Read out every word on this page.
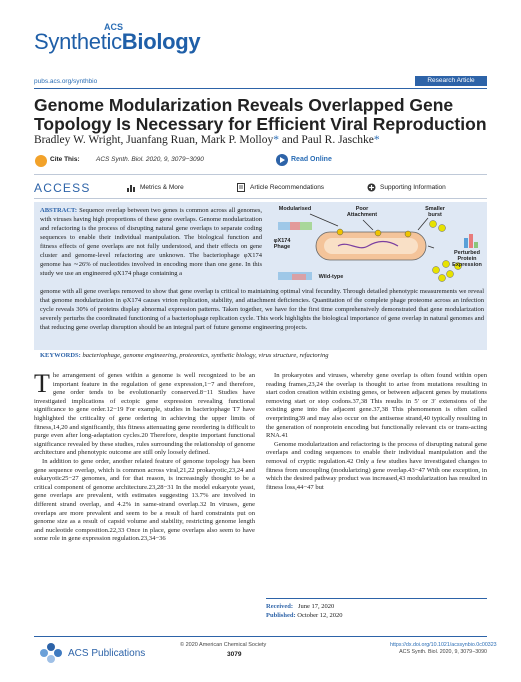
ACS
SyntheticBiology
pubs.acs.org/synthbio	Research Article
Genome Modularization Reveals Overlapped Gene Topology Is Necessary for Efficient Viral Reproduction
Bradley W. Wright, Juanfang Ruan, Mark P. Molloy* and Paul R. Jaschke*
Cite This:	ACS Synth. Biol. 2020, 9, 3079−3090	Read Online
ACCESS	Metrics & More	Article Recommendations	Supporting Information
ABSTRACT: Sequence overlap between two genes is common across all genomes, with viruses having high proportions of these gene overlaps. Genome modularization and refactoring is the process of disrupting natural gene overlaps to separate coding sequences to enable their individual manipulation. The biological function and fitness effects of gene overlaps are not fully understood, and their effects on gene cluster and genome-level refactoring are unknown. The bacteriophage φX174 genome has ∼26% of nucleotides involved in encoding more than one gene. In this study we use an engineered φX174 phage containing a
Modularised	Poor Attachment
Smaller burst
Perturbed Protein Expression
φX174 Phage
Wild-type
genome with all gene overlaps removed to show that gene overlap is critical to maintaining optimal viral fecundity. Through detailed phenotypic measurements we reveal that genome modularization in φX174 causes virion replication, stability, and attachment deficiencies. Quantitation of the complete phage proteome across an infection cycle reveals 30% of proteins display abnormal expression patterns. Taken together, we have for the first time comprehensively demonstrated that gene modularization severely perturbs the coordinated functioning of a bacteriophage replication cycle. This work highlights the biological importance of gene overlap in natural genomes and that reducing gene overlap disruption should be an integral part of future genome engineering projects.
KEYWORDS: bacteriophage, genome engineering, proteomics, synthetic biology, virus structure, refactoring

The arrangement of genes within a genome is well recognized to be an important feature in the regulation of gene expression,1−7 and therefore, gene order tends to be evolutionarily conserved.8−11 Studies have investigated implications of ectopic gene expression revealing functional significance to gene order.12−19 For example, studies in bacteriophage T7 have highlighted the criticality of gene ordering in achieving the upper limits of fitness,14,20 and significantly, this fitness attenuating gene reordering is difficult to purge even after long-adaptation cycles.20 Therefore, despite important functional significance revealed by these studies, rules surrounding the relationship of genome architecture and phenotypic outcome are still only loosely defined.

In addition to gene order, another related feature of genome topology has been gene sequence overlap, which is common across viral,21,22 prokaryotic,23,24 and eukaryotic25−27 genomes, and for that reason, is increasingly thought to be a critical component of genome architecture.23,28−31 In the model eukaryote yeast, gene overlaps are prevalent, with estimates suggesting 13.7% are involved in different strand overlap, and 4.2% in same-strand overlap.32 In viruses, gene overlaps are more prevalent and seem to be a result of hard constraints put on genome size as a result of capsid volume and stability, restricting genome length and nucleotide composition.22,33 Once in place, gene overlaps also seem to have some role in gene expression regulation.23,34−36

In prokaryotes and viruses, whereby gene overlap is often found within open reading frames,23,24 the overlap is thought to arise from mutations resulting in start codon creation within existing genes, or between adjacent genes by mutations removing start or stop codons.37,38 This results in 5′ or 3′ extensions of the existing gene into the adjacent gene.37,38 This phenomenon is often called overprinting39 and may also occur on the antisense strand,40 typically resulting in the generation of nonprotein encoding but functionally relevant cis or trans-acting RNA.41

Genome modularization and refactoring is the process of disrupting natural gene overlaps and coding sequences to enable their individual manipulation and the removal of cryptic regulation.42 Only a few studies have investigated changes to fitness from uncoupling (modularizing) gene overlap.43−47 With one exception, in which the desired pathway product was increased,43 modularization has resulted in fitness loss,44−47 but

Received: June 17, 2020
Published: October 12, 2020
ACS Publications
© 2020 American Chemical Society
3079
https://dx.doi.org/10.1021/acssynbio.0c00323
ACS Synth. Biol. 2020, 9, 3079−3090
